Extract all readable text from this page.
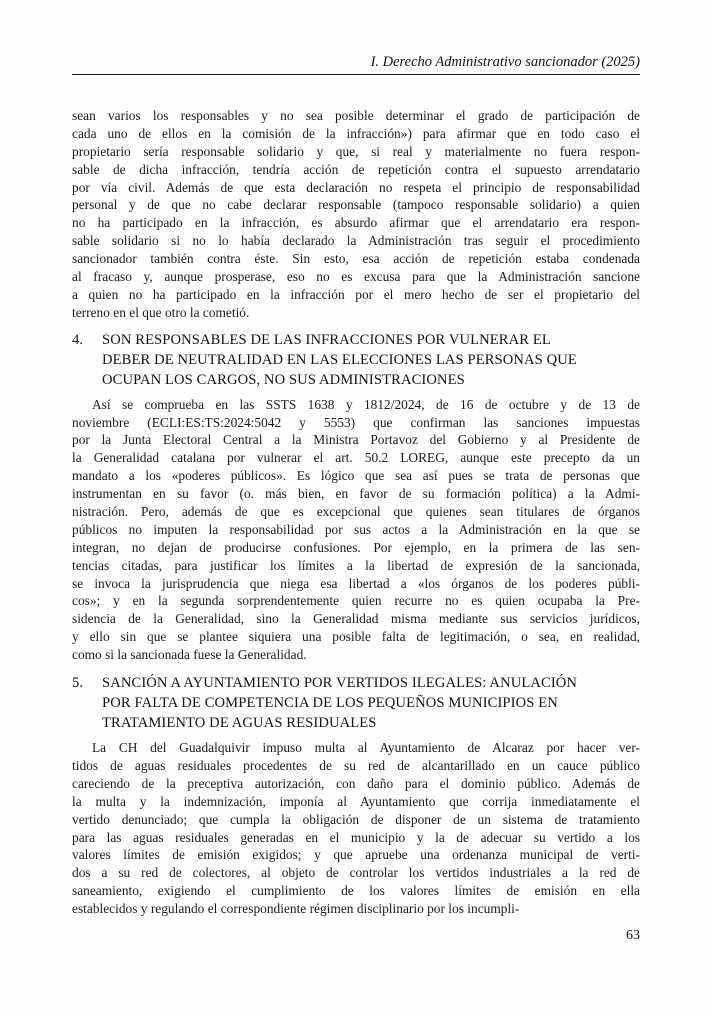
I. Derecho Administrativo sancionador (2025)
sean varios los responsables y no sea posible determinar el grado de participación de
cada uno de ellos en la comisión de la infracción») para afirmar que en todo caso el
propietario sería responsable solidario y que, si real y materialmente no fuera respon-
sable de dicha infracción, tendría acción de repetición contra el supuesto arrendatario
por vía civil. Además de que esta declaración no respeta el principio de responsabilidad
personal y de que no cabe declarar responsable (tampoco responsable solidario) a quien
no ha participado en la infracción, es absurdo afirmar que el arrendatario era respon-
sable solidario si no lo había declarado la Administración tras seguir el procedimiento
sancionador también contra éste. Sin esto, esa acción de repetición estaba condenada
al fracaso y, aunque prosperase, eso no es excusa para que la Administración sancione
a quien no ha participado en la infracción por el mero hecho de ser el propietario del
terreno en el que otro la cometió.
4.	SON RESPONSABLES DE LAS INFRACCIONES POR VULNERAR EL
DEBER DE NEUTRALIDAD EN LAS ELECCIONES LAS PERSONAS QUE
OCUPAN LOS CARGOS, NO SUS ADMINISTRACIONES
Así se comprueba en las SSTS 1638 y 1812/2024, de 16 de octubre y de 13 de
noviembre (ECLI:ES:TS:2024:5042 y 5553) que confirman las sanciones impuestas
por la Junta Electoral Central a la Ministra Portavoz del Gobierno y al Presidente de
la Generalidad catalana por vulnerar el art. 50.2 LOREG, aunque este precepto da un
mandato a los «poderes públicos». Es lógico que sea así pues se trata de personas que
instrumentan en su favor (o. más bien, en favor de su formación política) a la Admi-
nistración. Pero, además de que es excepcional que quienes sean titulares de órganos
públicos no imputen la responsabilidad por sus actos a la Administración en la que se
integran, no dejan de producirse confusiones. Por ejemplo, en la primera de las sen-
tencias citadas, para justificar los límites a la libertad de expresión de la sancionada,
se invoca la jurisprudencia que niega esa libertad a «los órganos de los poderes públi-
cos»; y en la segunda sorprendentemente quien recurre no es quien ocupaba la Pre-
sidencia de la Generalidad, sino la Generalidad misma mediante sus servicios jurídicos,
y ello sin que se plantee siquiera una posible falta de legitimación, o sea, en realidad,
como si la sancionada fuese la Generalidad.
5.	SANCIÓN A AYUNTAMIENTO POR VERTIDOS ILEGALES: ANULACIÓN
POR FALTA DE COMPETENCIA DE LOS PEQUEÑOS MUNICIPIOS EN
TRATAMIENTO DE AGUAS RESIDUALES
La CH del Guadalquivir impuso multa al Ayuntamiento de Alcaraz por hacer ver-
tidos de aguas residuales procedentes de su red de alcantarillado en un cauce público
careciendo de la preceptiva autorización, con daño para el dominio público. Además de
la multa y la indemnización, imponía al Ayuntamiento que corrija inmediatamente el
vertido denunciado; que cumpla la obligación de disponer de un sistema de tratamiento
para las aguas residuales generadas en el municipio y la de adecuar su vertido a los
valores límites de emisión exigidos; y que apruebe una ordenanza municipal de verti-
dos a su red de colectores, al objeto de controlar los vertidos industriales a la red de
saneamiento, exigiendo el cumplimiento de los valores límites de emisión en ella
establecidos y regulando el correspondiente régimen disciplinario por los incumpli-
63
